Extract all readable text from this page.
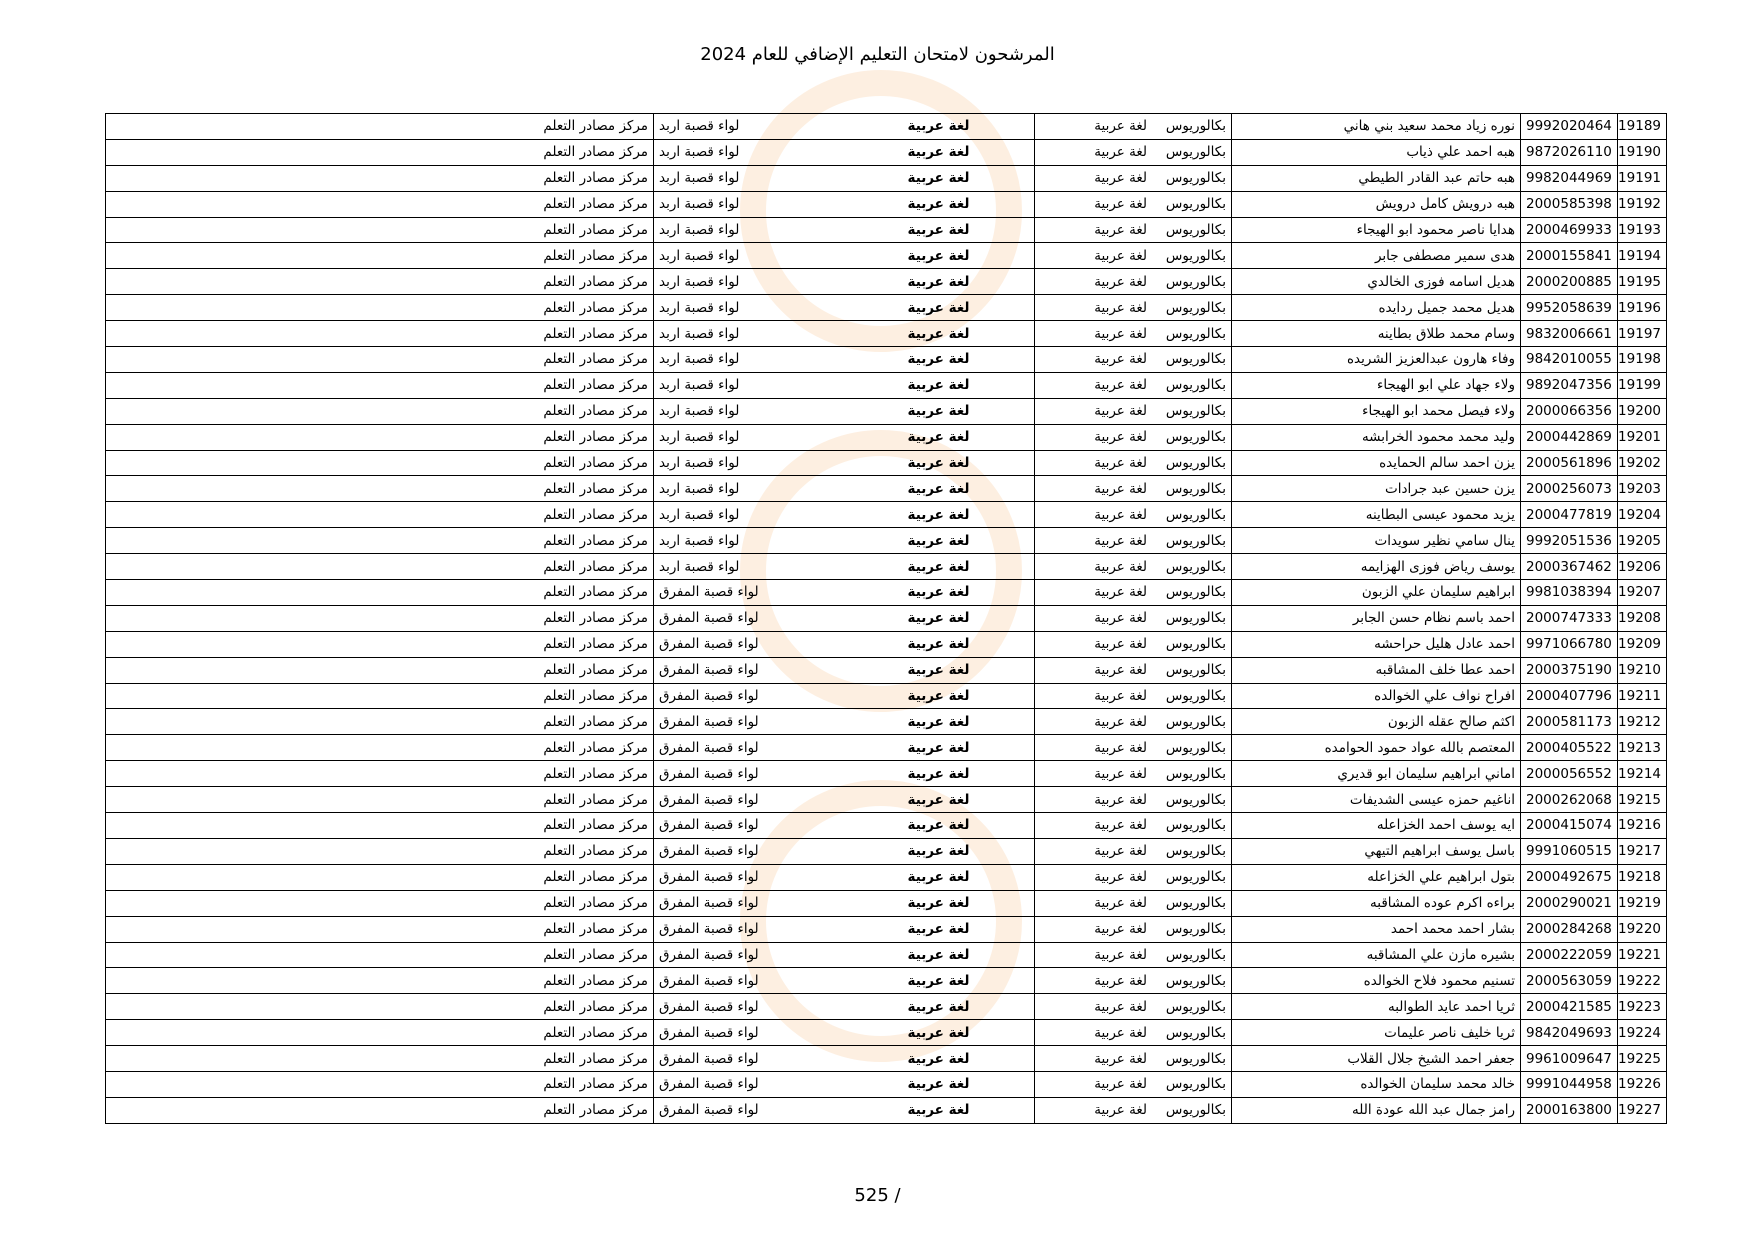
المرشحون لامتحان التعليم الإضافي للعام 2024
19189	9992020464	نوره زياد محمد سعيد بني هاني	بكالوريوس	لغة عربية	لغة عربية	لواء قصبة اربد	مركز مصادر التعلم
19190	9872026110	هبه احمد علي ذياب	بكالوريوس	لغة عربية	لغة عربية	لواء قصبة اربد	مركز مصادر التعلم
19191	9982044969	هبه حاتم عبد القادر الطيطي	بكالوريوس	لغة عربية	لغة عربية	لواء قصبة اربد	مركز مصادر التعلم
19192	2000585398	هبه درويش كامل درويش	بكالوريوس	لغة عربية	لغة عربية	لواء قصبة اربد	مركز مصادر التعلم
19193	2000469933	هدايا ناصر محمود ابو الهيجاء	بكالوريوس	لغة عربية	لغة عربية	لواء قصبة اربد	مركز مصادر التعلم
19194	2000155841	هدى سمير مصطفى جابر	بكالوريوس	لغة عربية	لغة عربية	لواء قصبة اربد	مركز مصادر التعلم
19195	2000200885	هديل اسامه فوزى الخالدي	بكالوريوس	لغة عربية	لغة عربية	لواء قصبة اربد	مركز مصادر التعلم
19196	9952058639	هديل محمد جميل ردايده	بكالوريوس	لغة عربية	لغة عربية	لواء قصبة اربد	مركز مصادر التعلم
19197	9832006661	وسام محمد طلاق بطاينه	بكالوريوس	لغة عربية	لغة عربية	لواء قصبة اربد	مركز مصادر التعلم
19198	9842010055	وفاء هارون عبدالعزيز الشريده	بكالوريوس	لغة عربية	لغة عربية	لواء قصبة اربد	مركز مصادر التعلم
19199	9892047356	ولاء جهاد علي ابو الهيجاء	بكالوريوس	لغة عربية	لغة عربية	لواء قصبة اربد	مركز مصادر التعلم
19200	2000066356	ولاء فيصل محمد ابو الهيجاء	بكالوريوس	لغة عربية	لغة عربية	لواء قصبة اربد	مركز مصادر التعلم
19201	2000442869	وليد محمد محمود الخرابشه	بكالوريوس	لغة عربية	لغة عربية	لواء قصبة اربد	مركز مصادر التعلم
19202	2000561896	يزن احمد سالم الحمايده	بكالوريوس	لغة عربية	لغة عربية	لواء قصبة اربد	مركز مصادر التعلم
19203	2000256073	يزن حسين عبد جرادات	بكالوريوس	لغة عربية	لغة عربية	لواء قصبة اربد	مركز مصادر التعلم
19204	2000477819	يزيد محمود عيسى البطاينه	بكالوريوس	لغة عربية	لغة عربية	لواء قصبة اربد	مركز مصادر التعلم
19205	9992051536	ينال سامي نظير سويدات	بكالوريوس	لغة عربية	لغة عربية	لواء قصبة اربد	مركز مصادر التعلم
19206	2000367462	يوسف رياض فوزى الهزايمه	بكالوريوس	لغة عربية	لغة عربية	لواء قصبة اربد	مركز مصادر التعلم
19207	9981038394	ابراهيم سليمان علي الزبون	بكالوريوس	لغة عربية	لغة عربية	لواء قصبة المفرق	مركز مصادر التعلم
19208	2000747333	احمد باسم نظام حسن الجابر	بكالوريوس	لغة عربية	لغة عربية	لواء قصبة المفرق	مركز مصادر التعلم
19209	9971066780	احمد عادل هليل حراحشه	بكالوريوس	لغة عربية	لغة عربية	لواء قصبة المفرق	مركز مصادر التعلم
19210	2000375190	احمد عطا خلف المشاقبه	بكالوريوس	لغة عربية	لغة عربية	لواء قصبة المفرق	مركز مصادر التعلم
19211	2000407796	افراح نواف علي الخوالده	بكالوريوس	لغة عربية	لغة عربية	لواء قصبة المفرق	مركز مصادر التعلم
19212	2000581173	اكثم صالح عقله الزبون	بكالوريوس	لغة عربية	لغة عربية	لواء قصبة المفرق	مركز مصادر التعلم
19213	2000405522	المعتصم بالله عواد حمود الحوامده	بكالوريوس	لغة عربية	لغة عربية	لواء قصبة المفرق	مركز مصادر التعلم
19214	2000056552	اماني ابراهيم سليمان ابو قديري	بكالوريوس	لغة عربية	لغة عربية	لواء قصبة المفرق	مركز مصادر التعلم
19215	2000262068	اناغيم حمزه عيسى الشديفات	بكالوريوس	لغة عربية	لغة عربية	لواء قصبة المفرق	مركز مصادر التعلم
19216	2000415074	ايه يوسف احمد الخزاعله	بكالوريوس	لغة عربية	لغة عربية	لواء قصبة المفرق	مركز مصادر التعلم
19217	9991060515	باسل يوسف ابراهيم التيهي	بكالوريوس	لغة عربية	لغة عربية	لواء قصبة المفرق	مركز مصادر التعلم
19218	2000492675	بتول ابراهيم علي الخزاعله	بكالوريوس	لغة عربية	لغة عربية	لواء قصبة المفرق	مركز مصادر التعلم
19219	2000290021	براءه اكرم عوده المشاقبه	بكالوريوس	لغة عربية	لغة عربية	لواء قصبة المفرق	مركز مصادر التعلم
19220	2000284268	بشار احمد محمد احمد	بكالوريوس	لغة عربية	لغة عربية	لواء قصبة المفرق	مركز مصادر التعلم
19221	2000222059	بشيره مازن علي المشاقبه	بكالوريوس	لغة عربية	لغة عربية	لواء قصبة المفرق	مركز مصادر التعلم
19222	2000563059	تسنيم محمود فلاح الخوالده	بكالوريوس	لغة عربية	لغة عربية	لواء قصبة المفرق	مركز مصادر التعلم
19223	2000421585	ثريا احمد عايد الطوالبه	بكالوريوس	لغة عربية	لغة عربية	لواء قصبة المفرق	مركز مصادر التعلم
19224	9842049693	ثريا خليف ناصر عليمات	بكالوريوس	لغة عربية	لغة عربية	لواء قصبة المفرق	مركز مصادر التعلم
19225	9961009647	جعفر احمد الشيخ جلال القلاب	بكالوريوس	لغة عربية	لغة عربية	لواء قصبة المفرق	مركز مصادر التعلم
19226	9991044958	خالد محمد سليمان الخوالده	بكالوريوس	لغة عربية	لغة عربية	لواء قصبة المفرق	مركز مصادر التعلم
19227	2000163800	رامز جمال عبد الله عودة الله	بكالوريوس	لغة عربية	لغة عربية	لواء قصبة المفرق	مركز مصادر التعلم
525 /
